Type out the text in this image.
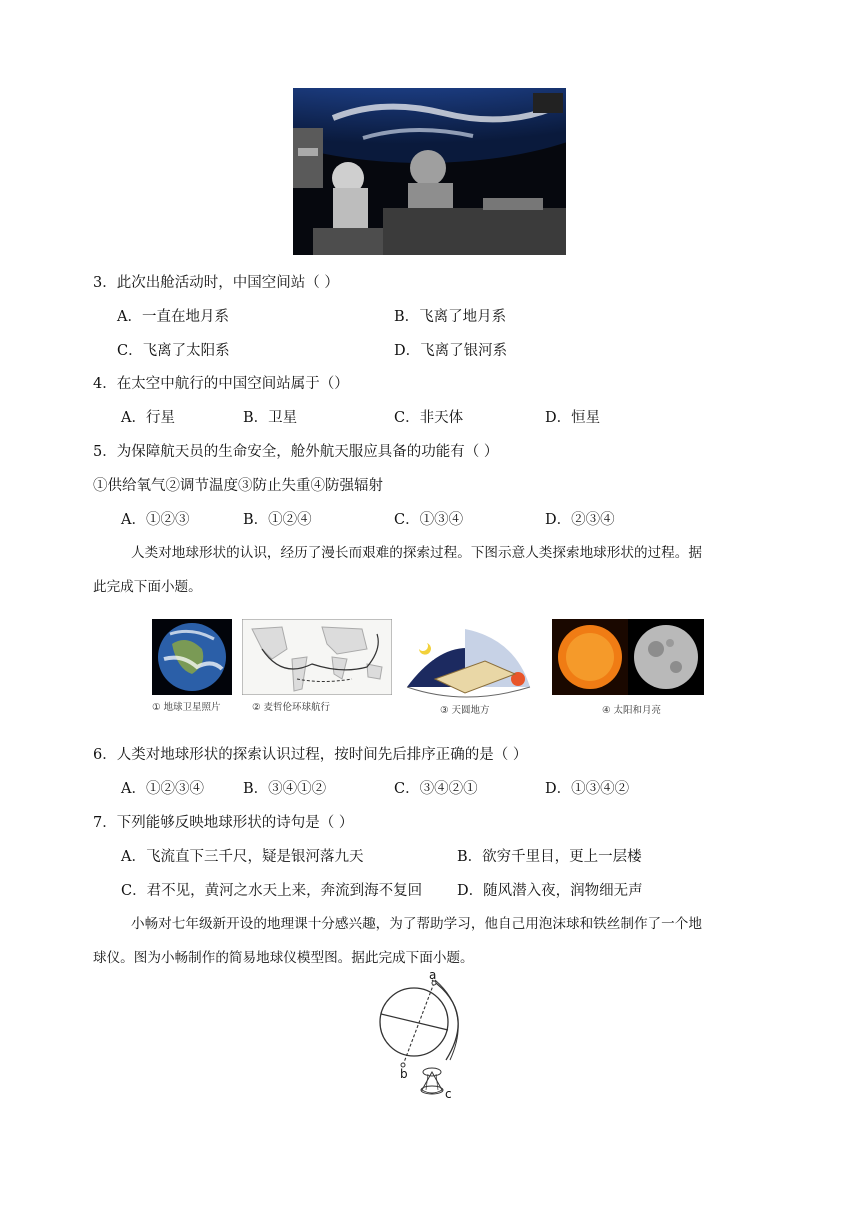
3．此次出舱活动时，中国空间站（ ）
A．一直在地月系	B．飞离了地月系
C．飞离了太阳系	D．飞离了银河系
4．在太空中航行的中国空间站属于（）
A．行星	B．卫星	C．非天体	D．恒星
5．为保障航天员的生命安全，舱外航天服应具备的功能有（ ）
①供给氧气②调节温度③防止失重④防强辐射
A．①②③	B．①②④	C．①③④	D．②③④
人类对地球形状的认识，经历了漫长而艰难的探索过程。下图示意人类探索地球形状的过程。据
此完成下面小题。
① 地球卫星照片	② 麦哲伦环球航行	③ 天圆地方	④ 太阳和月亮
6．人类对地球形状的探索认识过程，按时间先后排序正确的是（ ）
A．①②③④	B．③④①②	C．③④②①	D．①③④②
7．下列能够反映地球形状的诗句是（ ）
A．飞流直下三千尺，疑是银河落九天	B．欲穷千里目，更上一层楼
C．君不见，黄河之水天上来，奔流到海不复回 D．随风潜入夜，润物细无声
小畅对七年级新开设的地理课十分感兴趣，为了帮助学习，他自己用泡沫球和铁丝制作了一个地
球仪。图为小畅制作的简易地球仪模型图。据此完成下面小题。
a
b
c
